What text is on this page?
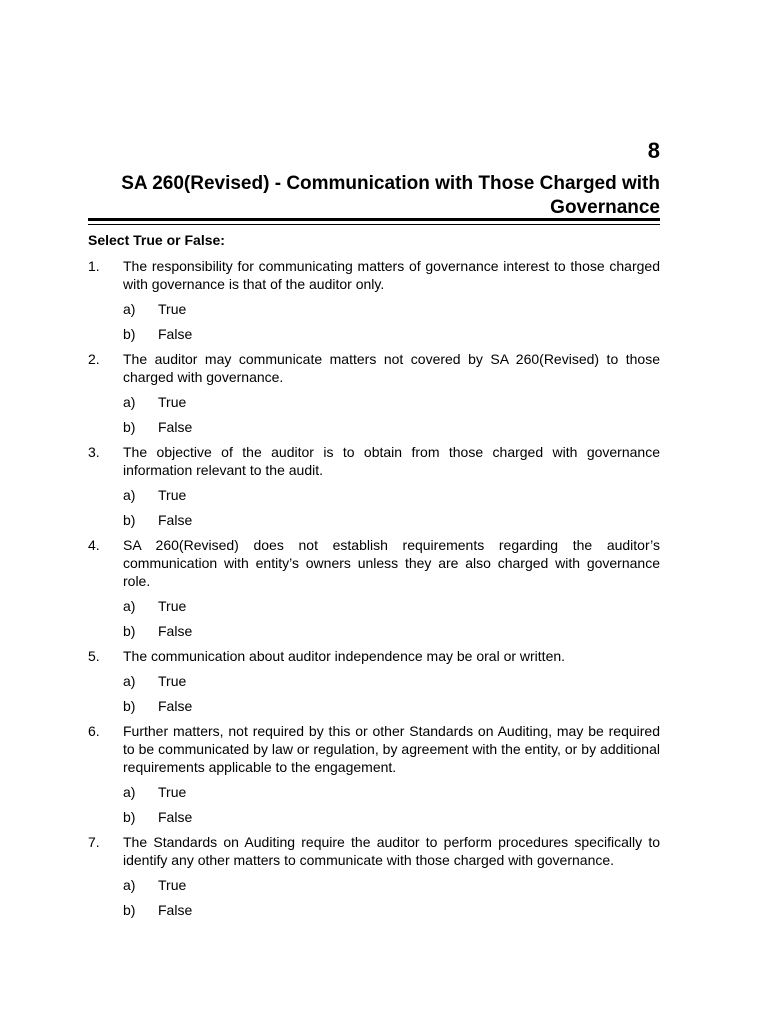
8
SA 260(Revised) - Communication with Those Charged with Governance
Select True or False:
1. The responsibility for communicating matters of governance interest to those charged with governance is that of the auditor only.
a) True
b) False
2. The auditor may communicate matters not covered by SA 260(Revised) to those charged with governance.
a) True
b) False
3. The objective of the auditor is to obtain from those charged with governance information relevant to the audit.
a) True
b) False
4. SA 260(Revised) does not establish requirements regarding the auditor’s communication with entity’s owners unless they are also charged with governance role.
a) True
b) False
5. The communication about auditor independence may be oral or written.
a) True
b) False
6. Further matters, not required by this or other Standards on Auditing, may be required to be communicated by law or regulation, by agreement with the entity, or by additional requirements applicable to the engagement.
a) True
b) False
7. The Standards on Auditing require the auditor to perform procedures specifically to identify any other matters to communicate with those charged with governance.
a) True
b) False
